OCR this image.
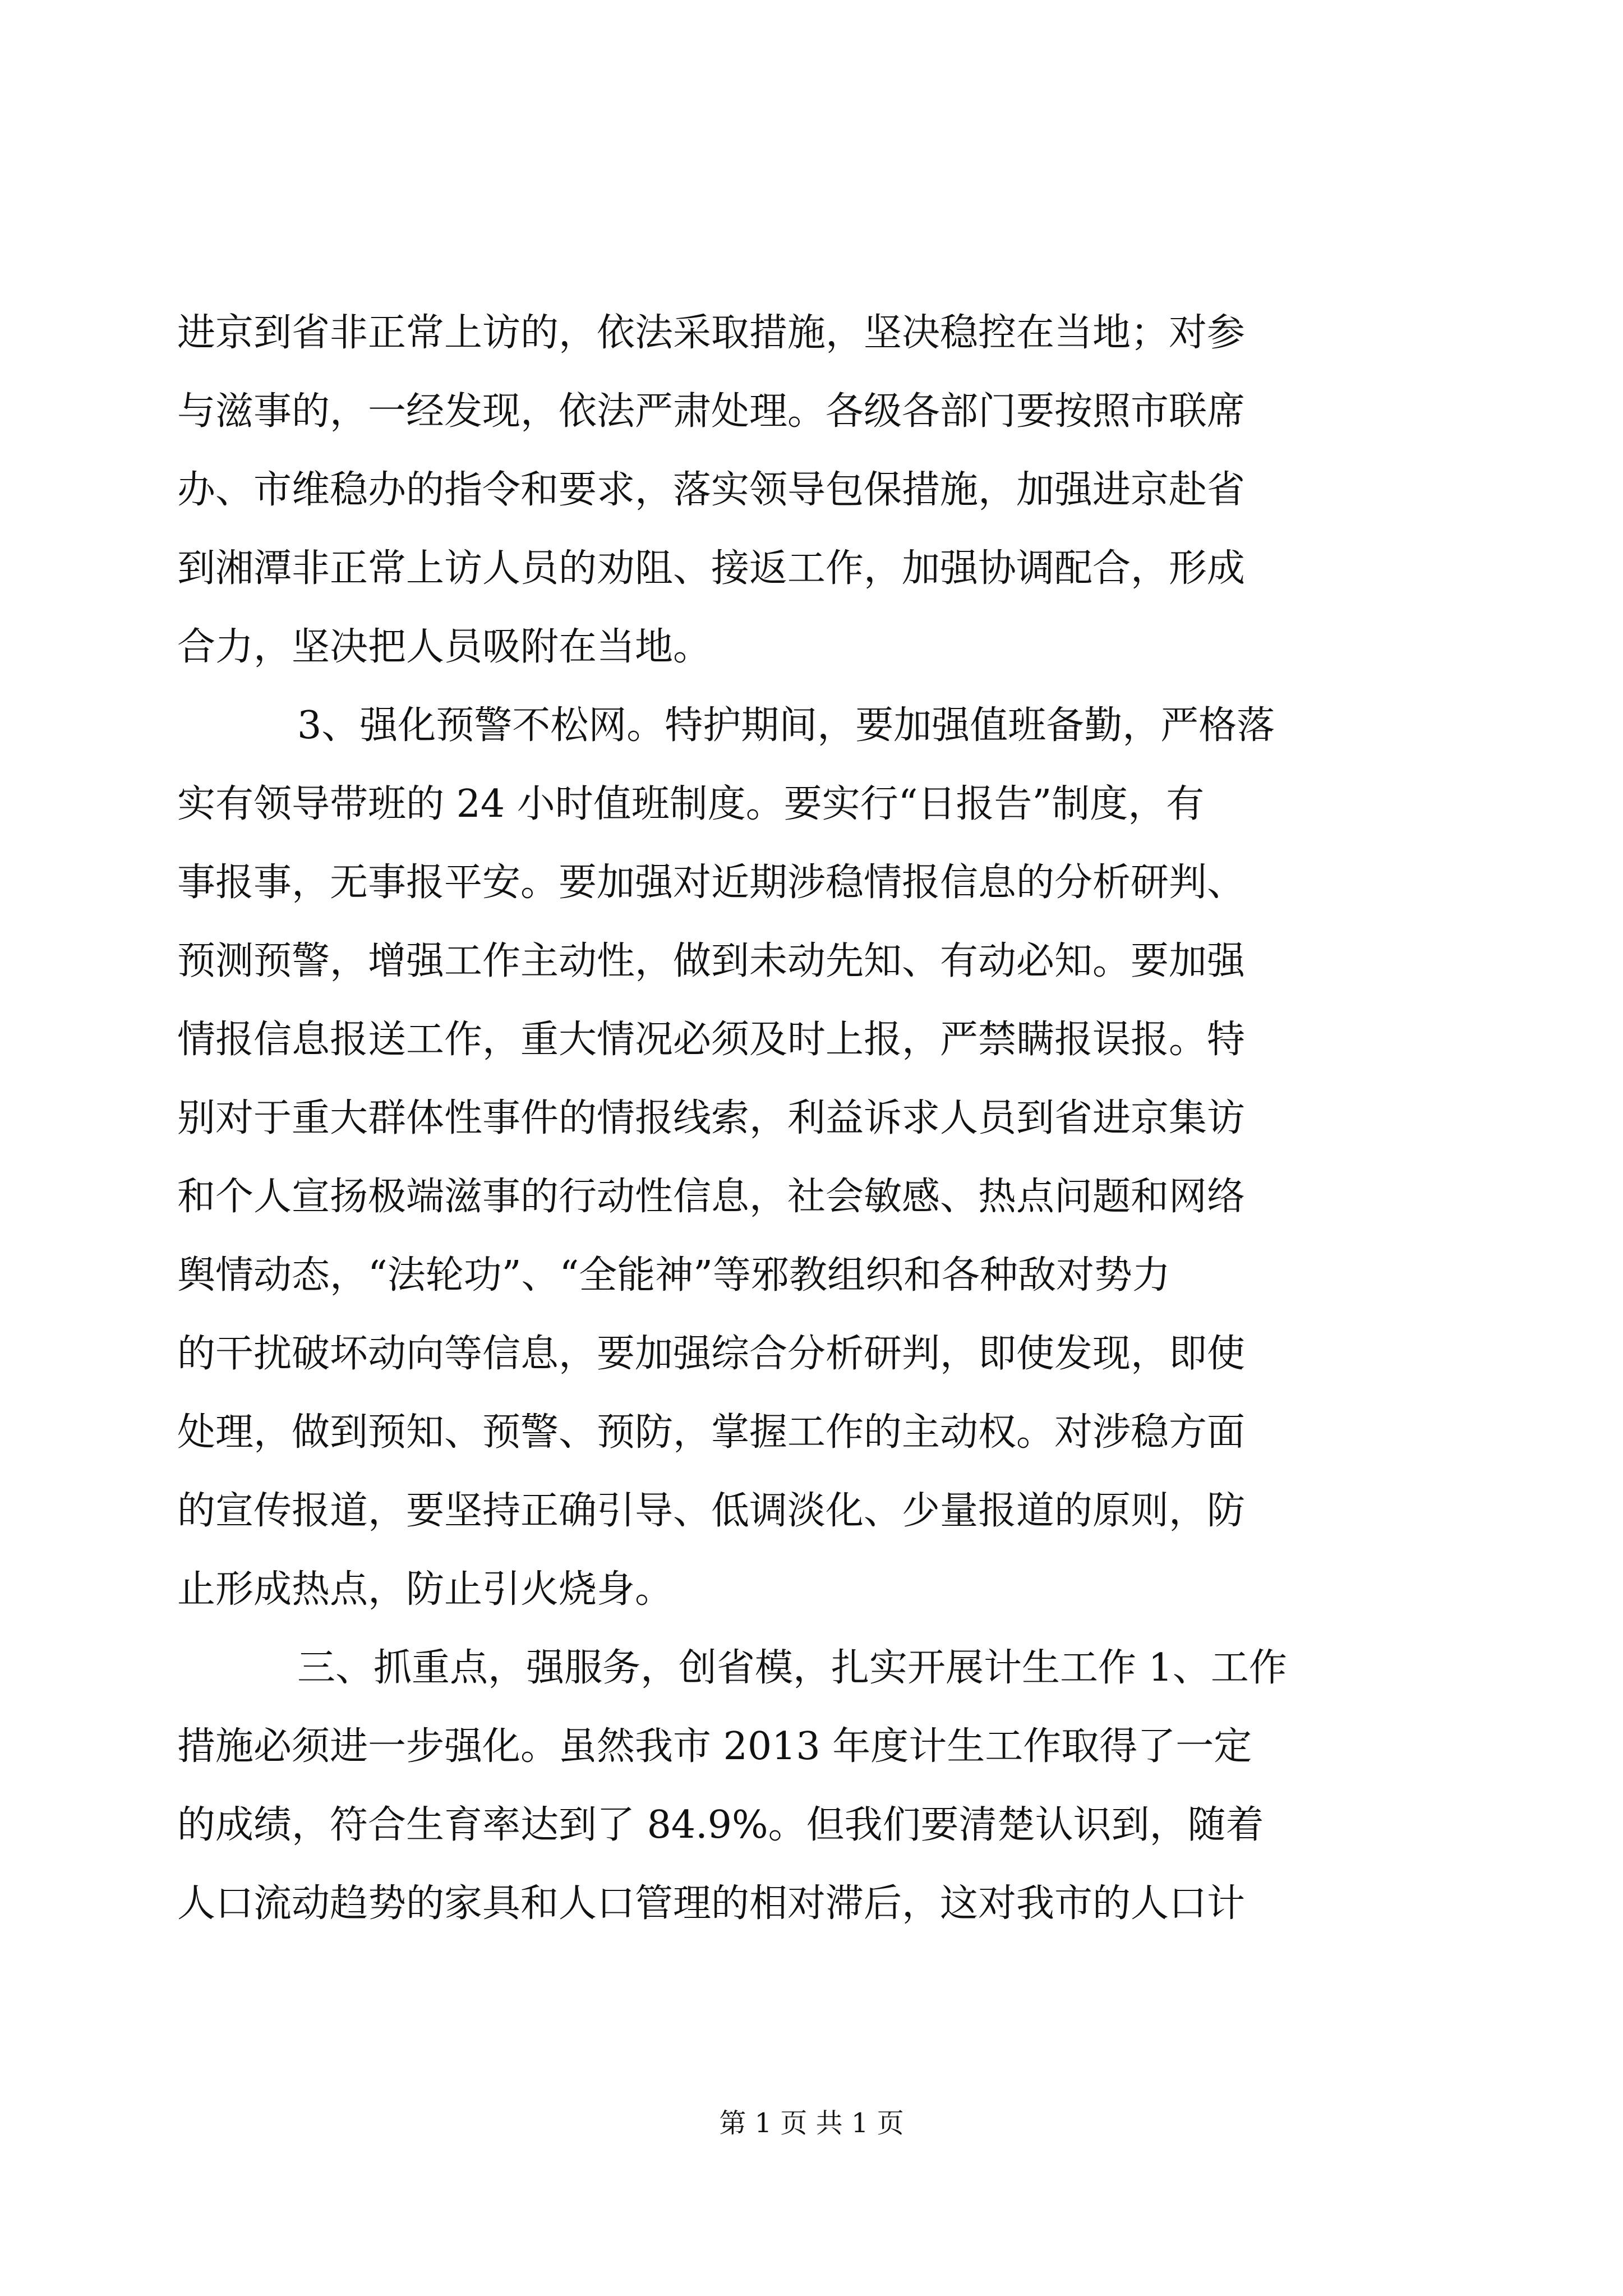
进京到省非正常上访的，依法采取措施，坚决稳控在当地；对参
与滋事的，一经发现，依法严肃处理。各级各部门要按照市联席
办、市维稳办的指令和要求，落实领导包保措施，加强进京赴省
到湘潭非正常上访人员的劝阻、接返工作，加强协调配合，形成
合力，坚决把人员吸附在当地。
3、强化预警不松网。特护期间，要加强值班备勤，严格落
实有领导带班的 24 小时值班制度。要实行“日报告”制度，有
事报事，无事报平安。要加强对近期涉稳情报信息的分析研判、
预测预警，增强工作主动性，做到未动先知、有动必知。要加强
情报信息报送工作，重大情况必须及时上报，严禁瞒报误报。特
别对于重大群体性事件的情报线索，利益诉求人员到省进京集访
和个人宣扬极端滋事的行动性信息，社会敏感、热点问题和网络
舆情动态，“法轮功”、“全能神”等邪教组织和各种敌对势力
的干扰破坏动向等信息，要加强综合分析研判，即使发现，即使
处理，做到预知、预警、预防，掌握工作的主动权。对涉稳方面
的宣传报道，要坚持正确引导、低调淡化、少量报道的原则，防
止形成热点，防止引火烧身。
三、抓重点，强服务，创省模，扎实开展计生工作 1、工作
措施必须进一步强化。虽然我市 2013 年度计生工作取得了一定
的成绩，符合生育率达到了 84.9%。但我们要清楚认识到，随着
人口流动趋势的家具和人口管理的相对滞后，这对我市的人口计
第 1 页 共 1 页
